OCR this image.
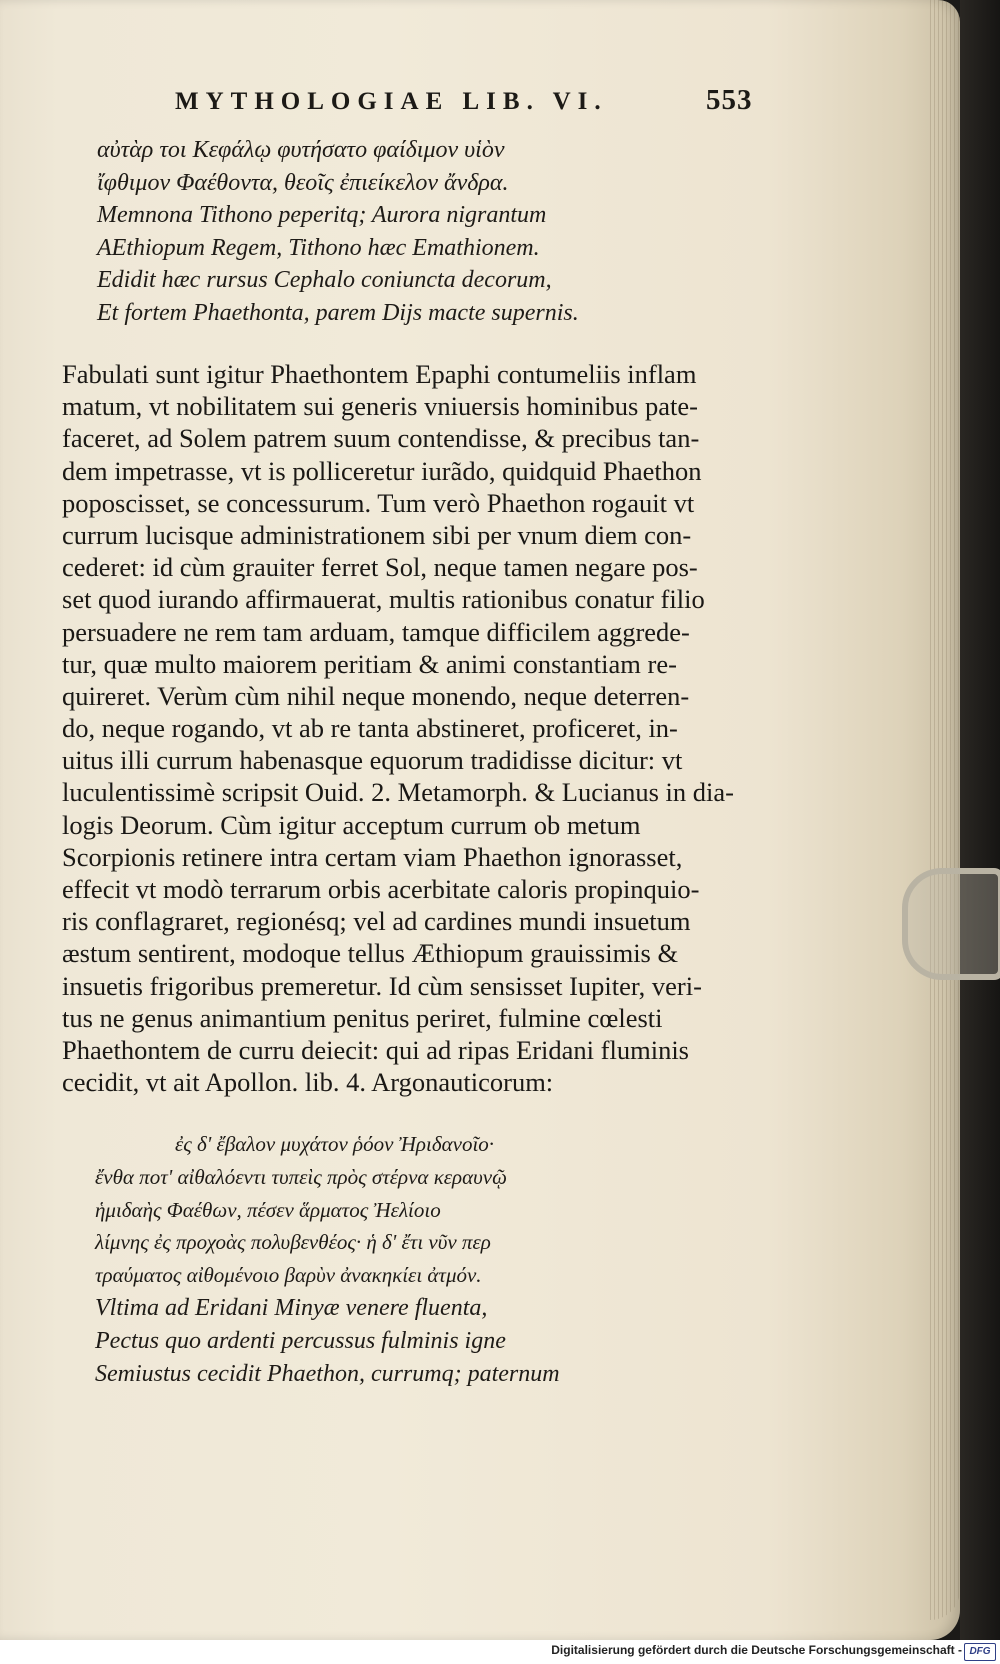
MYTHOLOGIAE LIB. VI.	553
αὐτὰρ τοι Κεφάλῳ φυτήσατο φαίδιμον υἱὸν
ἴφθιμον Φαέθοντα, θεοῖς ἐπιείκελον ἄνδρα.
Memnona Tithono peperitq; Aurora nigrantum
AEthiopum Regem, Tithono hæc Emathionem.
Edidit hæc rursus Cephalo coniuncta decorum,
Et fortem Phaethonta, parem Dijs macte supernis.
Fabulati sunt igitur Phaethontem Epaphi contumeliis inflam
matum, vt nobilitatem sui generis vniuersis hominibus pate-
faceret, ad Solem patrem suum contendisse, & precibus tan-
dem impetrasse, vt is polliceretur iurãdo, quidquid Phaethon
poposcisset, se concessurum. Tum verò Phaethon rogauit vt
currum lucisque administrationem sibi per vnum diem con-
cederet: id cùm grauiter ferret Sol, neque tamen negare pos-
set quod iurando affirmauerat, multis rationibus conatur filio
persuadere ne rem tam arduam, tamque difficilem aggrede-
tur, quæ multo maiorem peritiam & animi constantiam re-
quireret. Verùm cùm nihil neque monendo, neque deterren-
do, neque rogando, vt ab re tanta abstineret, proficeret, in-
uitus illi currum habenasque equorum tradidisse dicitur: vt
luculentissimè scripsit Ouid. 2. Metamorph. & Lucianus in dia-
logis Deorum. Cùm igitur acceptum currum ob metum
Scorpionis retinere intra certam viam Phaethon ignorasset,
effecit vt modò terrarum orbis acerbitate caloris propinquio-
ris conflagraret, regionésq; vel ad cardines mundi insuetum
æstum sentirent, modoque tellus Æthiopum grauissimis &
insuetis frigoribus premeretur. Id cùm sensisset Iupiter, veri-
tus ne genus animantium penitus periret, fulmine cœlesti
Phaethontem de curru deiecit: qui ad ripas Eridani fluminis
cecidit, vt ait Apollon. lib. 4. Argonauticorum:
ἐς δ' ἔβαλον μυχάτον ῥόον Ἠριδανοῖο·
ἔνθα ποτ' αἰθαλόεντι τυπεὶς πρὸς στέρνα κεραυνῷ
ἡμιδαὴς Φαέθων, πέσεν ἅρματος Ἠελίοιο
λίμνης ἐς προχοὰς πολυβενθέος· ἡ δ' ἔτι νῦν περ
τραύματος αἰθομένοιο βαρὺν ἀνακηκίει ἀτμόν.
Vltima ad Eridani Minyæ venere fluenta,
Pectus quo ardenti percussus fulminis igne
Semiustus cecidit Phaethon, currumq; paternum
Digitalisierung gefördert durch die Deutsche Forschungsgemeinschaft - DFG
